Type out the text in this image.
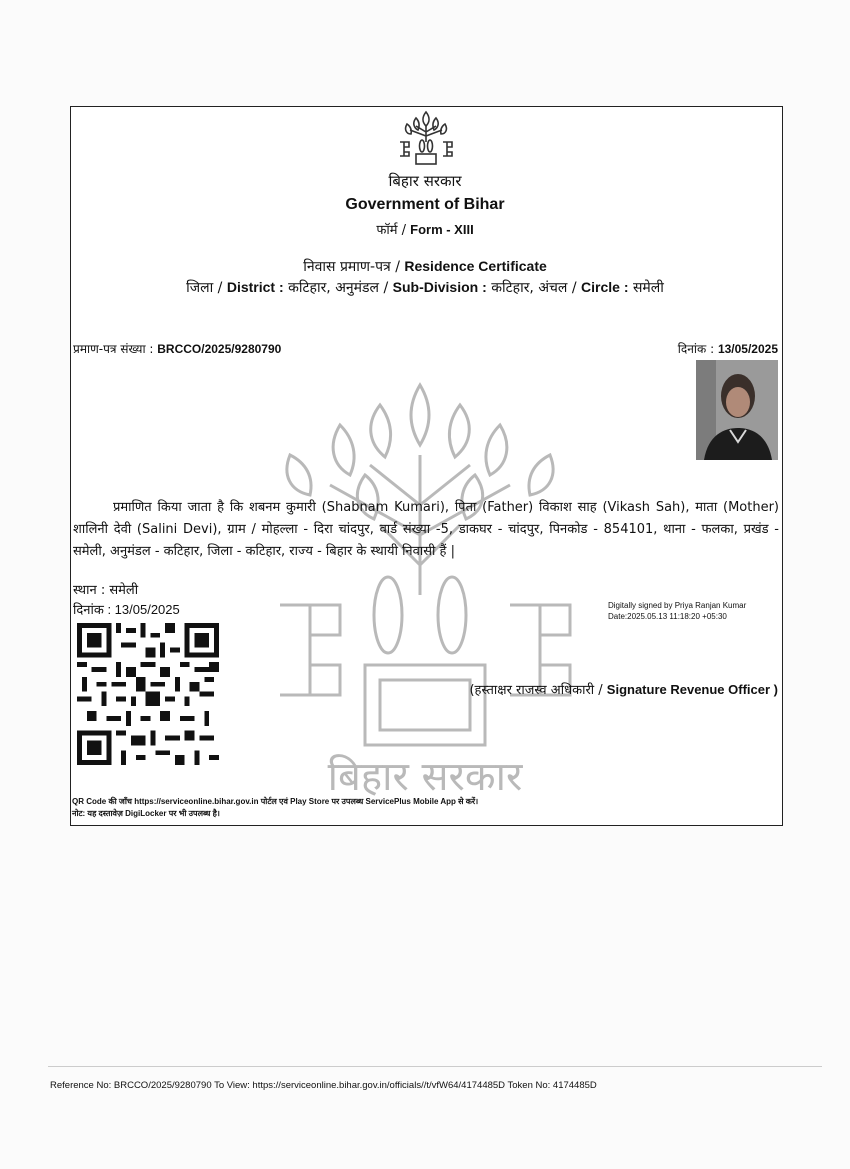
बिहार सरकार
बिहार सरकार
Government of Bihar
फॉर्म / Form - XIII
निवास प्रमाण-पत्र / Residence Certificate
जिला / District : कटिहार, अनुमंडल / Sub-Division : कटिहार, अंचल / Circle : समेली
प्रमाण-पत्र संख्या : BRCCO/2025/9280790	दिनांक : 13/05/2025
प्रमाणित किया जाता है कि शबनम कुमारी (Shabnam Kumari), पिता (Father) विकाश साह (Vikash Sah), माता (Mother) शालिनी देवी (Salini Devi), ग्राम / मोहल्ला - दिरा चांदपुर, वार्ड संख्या -5, डाकघर - चांदपुर, पिनकोड - 854101, थाना - फलका, प्रखंड - समेली, अनुमंडल - कटिहार, जिला - कटिहार, राज्य - बिहार के स्थायी निवासी हैं |
स्थान : समेली
दिनांक : 13/05/2025	Digitally signed by Priya Ranjan Kumar
Date:2025.05.13 11:18:20 +05:30
(हस्ताक्षर राजस्व अधिकारी / Signature Revenue Officer )
QR Code की जाँच https://serviceonline.bihar.gov.in पोर्टल एवं Play Store पर उपलब्ध ServicePlus Mobile App से करें।
नोट: यह दस्तावेज़ DigiLocker पर भी उपलब्ध है।
Reference No: BRCCO/2025/9280790 To View: https://serviceonline.bihar.gov.in/officials//t/vfW64/4174485D Token No: 4174485D
